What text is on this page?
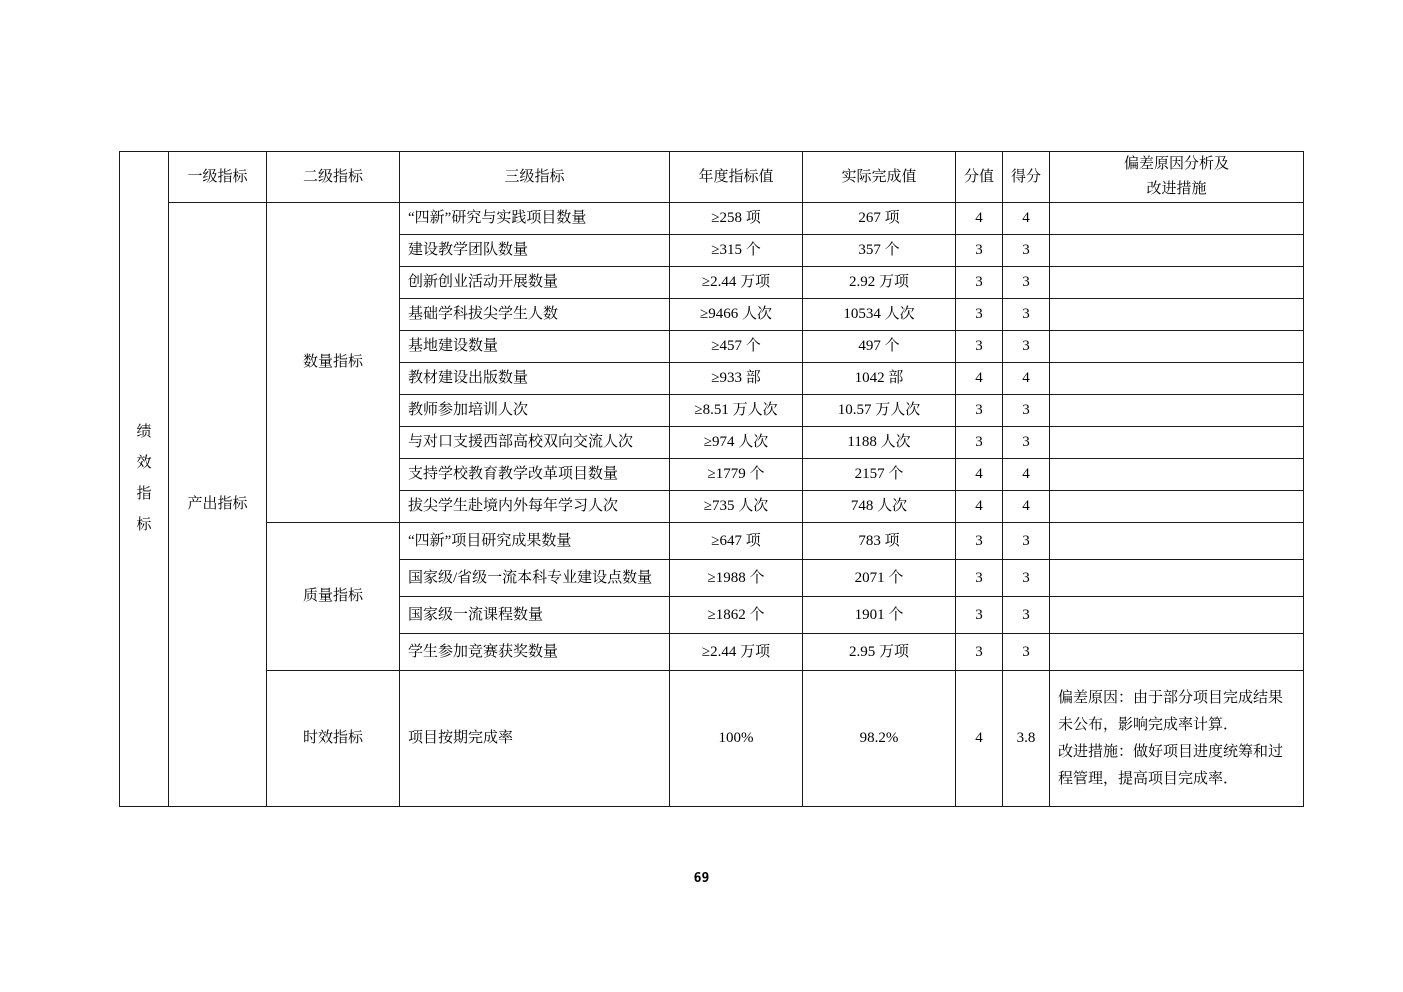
绩效指标	一级指标	二级指标	三级指标	年度指标值	实际完成值	分值	得分	偏差原因分析及
改进措施

	产出指标	数量指标	“四新”研究与实践项目数量	≥258 项	267 项	4	4	
			建设教学团队数量	≥315 个	357 个	3	3	
			创新创业活动开展数量	≥2.44 万项	2.92 万项	3	3	
			基础学科拔尖学生人数	≥9466 人次	10534 人次	3	3	
			基地建设数量	≥457 个	497 个	3	3	
			教材建设出版数量	≥933 部	1042 部	4	4	
			教师参加培训人次	≥8.51 万人次	10.57 万人次	3	3	
			与对口支援西部高校双向交流人次	≥974 人次	1188 人次	3	3	
			支持学校教育教学改革项目数量	≥1779 个	2157 个	4	4	
			拔尖学生赴境内外每年学习人次	≥735 人次	748 人次	4	4	
		质量指标	“四新”项目研究成果数量	≥647 项	783 项	3	3	
			国家级/省级一流本科专业建设点数量	≥1988 个	2071 个	3	3	
			国家级一流课程数量	≥1862 个	1901 个	3	3	
			学生参加竞赛获奖数量	≥2.44 万项	2.95 万项	3	3	
		时效指标	项目按期完成率	100%	98.2%	4	3.8	偏差原因：由于部分项目完成结果未公布，影响完成率计算．
改进措施：做好项目进度统筹和过程管理，提高项目完成率．
69
